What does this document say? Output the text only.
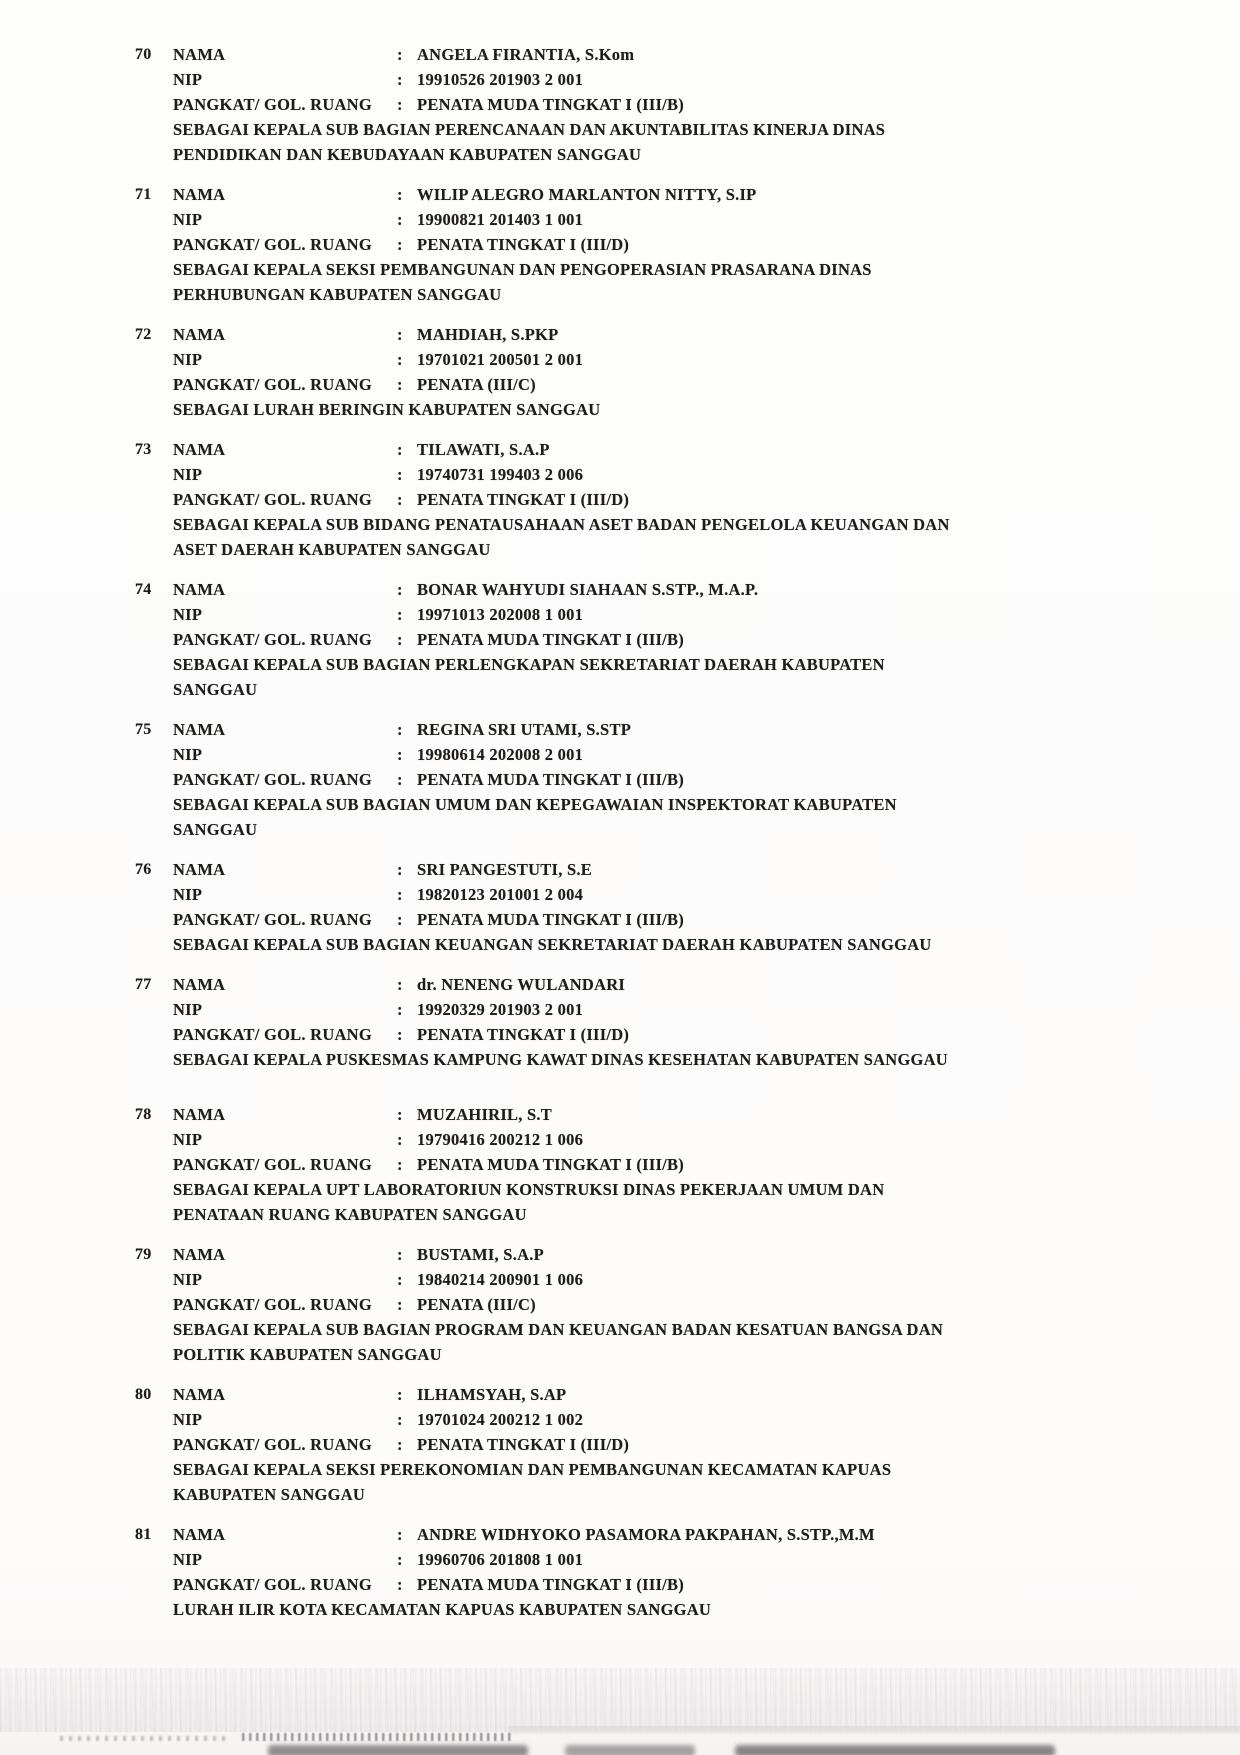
70	NAMA	: ANGELA FIRANTIA, S.Kom
NIP	: 19910526 201903 2 001
PANGKAT/ GOL. RUANG	: PENATA MUDA TINGKAT I (III/B)
SEBAGAI KEPALA SUB BAGIAN PERENCANAAN DAN AKUNTABILITAS KINERJA DINAS
PENDIDIKAN DAN KEBUDAYAAN KABUPATEN SANGGAU
71	NAMA	: WILIP ALEGRO MARLANTON NITTY, S.IP
NIP	: 19900821 201403 1 001
PANGKAT/ GOL. RUANG	: PENATA TINGKAT I (III/D)
SEBAGAI KEPALA SEKSI PEMBANGUNAN DAN PENGOPERASIAN PRASARANA DINAS
PERHUBUNGAN KABUPATEN SANGGAU
72	NAMA	: MAHDIAH, S.PKP
NIP	: 19701021 200501 2 001
PANGKAT/ GOL. RUANG	: PENATA (III/C)
SEBAGAI LURAH BERINGIN KABUPATEN SANGGAU
73	NAMA	: TILAWATI, S.A.P
NIP	: 19740731 199403 2 006
PANGKAT/ GOL. RUANG	: PENATA TINGKAT I (III/D)
SEBAGAI KEPALA SUB BIDANG PENATAUSAHAAN ASET BADAN PENGELOLA KEUANGAN DAN
ASET DAERAH KABUPATEN SANGGAU
74	NAMA	: BONAR WAHYUDI SIAHAAN S.STP., M.A.P.
NIP	: 19971013 202008 1 001
PANGKAT/ GOL. RUANG	: PENATA MUDA TINGKAT I (III/B)
SEBAGAI KEPALA SUB BAGIAN PERLENGKAPAN SEKRETARIAT DAERAH KABUPATEN
SANGGAU
75	NAMA	: REGINA SRI UTAMI, S.STP
NIP	: 19980614 202008 2 001
PANGKAT/ GOL. RUANG	: PENATA MUDA TINGKAT I (III/B)
SEBAGAI KEPALA SUB BAGIAN UMUM DAN KEPEGAWAIAN INSPEKTORAT KABUPATEN
SANGGAU
76	NAMA	: SRI PANGESTUTI, S.E
NIP	: 19820123 201001 2 004
PANGKAT/ GOL. RUANG	: PENATA MUDA TINGKAT I (III/B)
SEBAGAI KEPALA SUB BAGIAN KEUANGAN SEKRETARIAT DAERAH KABUPATEN SANGGAU
77	NAMA	: dr. NENENG WULANDARI
NIP	: 19920329 201903 2 001
PANGKAT/ GOL. RUANG	: PENATA TINGKAT I (III/D)
SEBAGAI KEPALA PUSKESMAS KAMPUNG KAWAT DINAS KESEHATAN KABUPATEN SANGGAU
78	NAMA	: MUZAHIRIL, S.T
NIP	: 19790416 200212 1 006
PANGKAT/ GOL. RUANG	: PENATA MUDA TINGKAT I (III/B)
SEBAGAI KEPALA UPT LABORATORIUN KONSTRUKSI DINAS PEKERJAAN UMUM DAN
PENATAAN RUANG KABUPATEN SANGGAU
79	NAMA	: BUSTAMI, S.A.P
NIP	: 19840214 200901 1 006
PANGKAT/ GOL. RUANG	: PENATA (III/C)
SEBAGAI KEPALA SUB BAGIAN PROGRAM DAN KEUANGAN BADAN KESATUAN BANGSA DAN
POLITIK KABUPATEN SANGGAU
80	NAMA	: ILHAMSYAH, S.AP
NIP	: 19701024 200212 1 002
PANGKAT/ GOL. RUANG	: PENATA TINGKAT I (III/D)
SEBAGAI KEPALA SEKSI PEREKONOMIAN DAN PEMBANGUNAN KECAMATAN KAPUAS
KABUPATEN SANGGAU
81	NAMA	: ANDRE WIDHYOKO PASAMORA PAKPAHAN, S.STP.,M.M
NIP	: 19960706 201808 1 001
PANGKAT/ GOL. RUANG	: PENATA MUDA TINGKAT I (III/B)
LURAH ILIR KOTA KECAMATAN KAPUAS KABUPATEN SANGGAU
